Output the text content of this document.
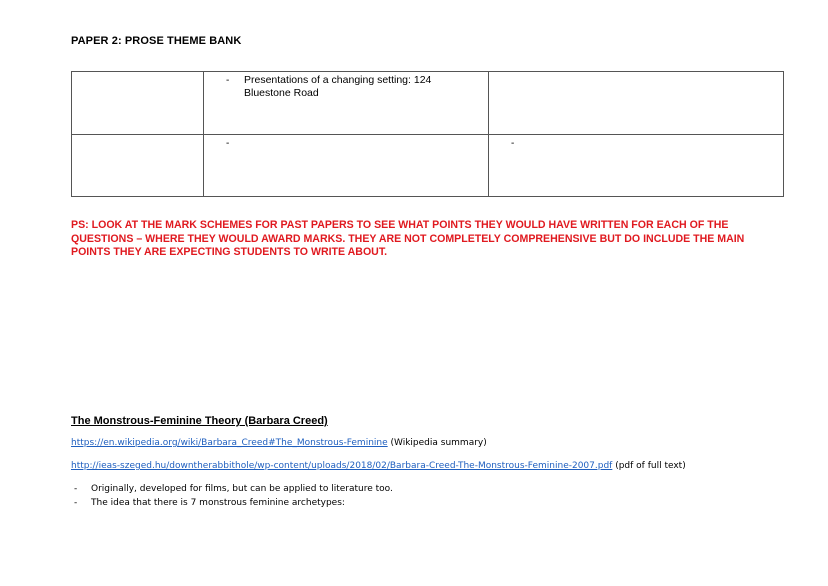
PAPER 2: PROSE THEME BANK

	- Presentations of a changing setting: 124 Bluestone Road	

	-	-
PS: LOOK AT THE MARK SCHEMES FOR PAST PAPERS TO SEE WHAT POINTS THEY WOULD HAVE WRITTEN FOR EACH OF THE QUESTIONS – WHERE THEY WOULD AWARD MARKS. THEY ARE NOT COMPLETELY COMPREHENSIVE BUT DO INCLUDE THE MAIN POINTS THEY ARE EXPECTING STUDENTS TO WRITE ABOUT.
The Monstrous-Feminine Theory (Barbara Creed)
https://en.wikipedia.org/wiki/Barbara_Creed#The_Monstrous-Feminine (Wikipedia summary)
http://ieas-szeged.hu/downtherabbithole/wp-content/uploads/2018/02/Barbara-Creed-The-Monstrous-Feminine-2007.pdf (pdf of full text)
- Originally, developed for films, but can be applied to literature too.
- The idea that there is 7 monstrous feminine archetypes:
